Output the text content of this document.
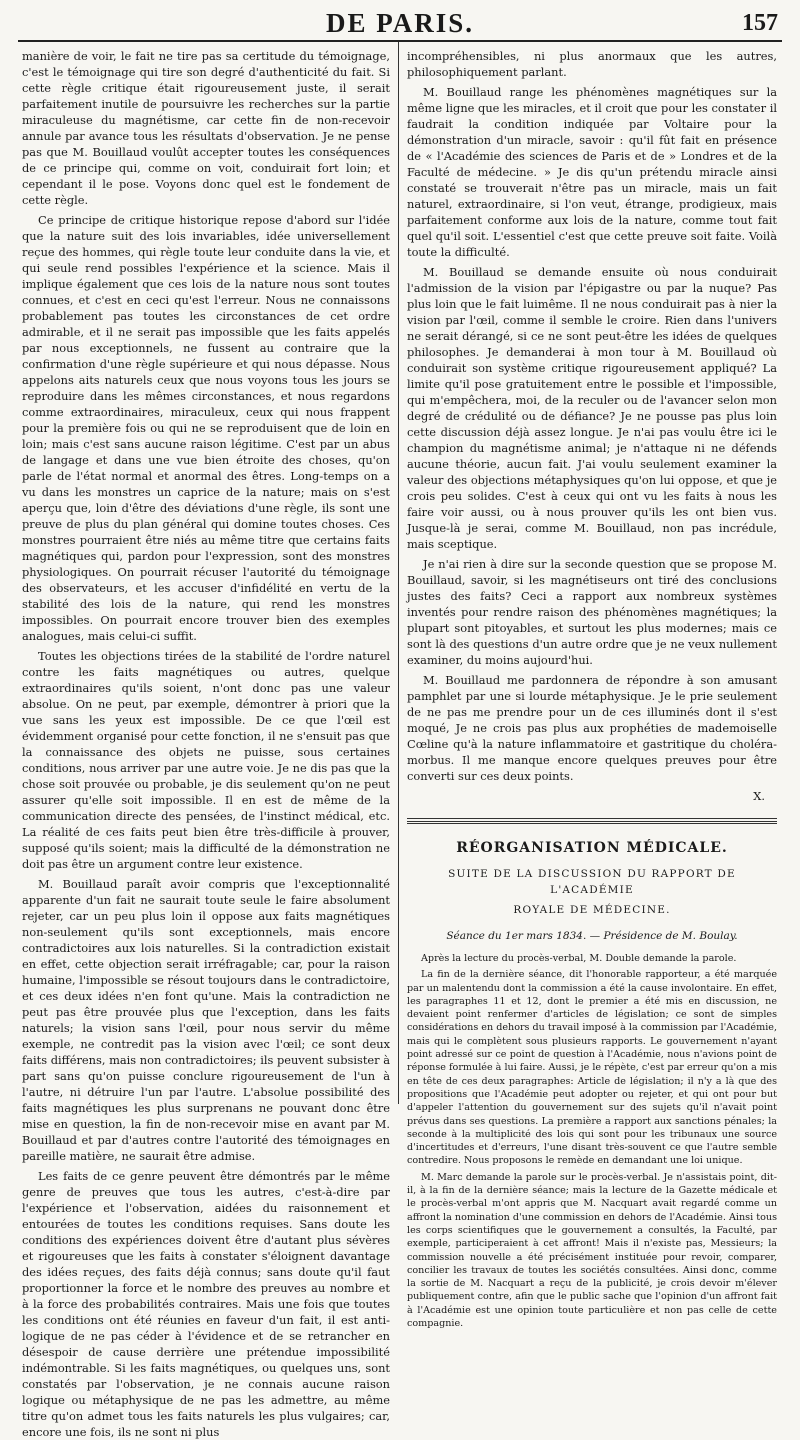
DE PARIS.	157

manière de voir, le fait ne tire pas sa certitude du témoignage, c'est le témoignage qui tire son degré d'authenticité du fait. Si cette règle critique était rigoureusement juste, il serait parfaitement inutile de poursuivre les recherches sur la partie miraculeuse du magnétisme, car cette fin de non-recevoir annule par avance tous les résultats d'observation. Je ne pense pas que M. Bouillaud voulût accepter toutes les conséquences de ce principe qui, comme on voit, conduirait fort loin; et cependant il le pose. Voyons donc quel est le fondement de cette règle.

Ce principe de critique historique repose d'abord sur l'idée que la nature suit des lois invariables, idée universellement reçue des hommes, qui règle toute leur conduite dans la vie, et qui seule rend possibles l'expérience et la science. Mais il implique également que ces lois de la nature nous sont toutes connues, et c'est en ceci qu'est l'erreur. Nous ne connaissons probablement pas toutes les circonstances de cet ordre admirable, et il ne serait pas impossible que les faits appelés par nous exceptionnels, ne fussent au contraire que la confirmation d'une règle supérieure et qui nous dépasse. Nous appelons aits naturels ceux que nous voyons tous les jours se reproduire dans les mêmes circonstances, et nous regardons comme extraordinaires, miraculeux, ceux qui nous frappent pour la première fois ou qui ne se reproduisent que de loin en loin; mais c'est sans aucune raison légitime. C'est par un abus de langage et dans une vue bien étroite des choses, qu'on parle de l'état normal et anormal des êtres. Long-temps on a vu dans les monstres un caprice de la nature; mais on s'est aperçu que, loin d'être des déviations d'une règle, ils sont une preuve de plus du plan général qui domine toutes choses. Ces monstres pourraient être niés au même titre que certains faits magnétiques qui, pardon pour l'expression, sont des monstres physiologiques. On pourrait récuser l'autorité du témoignage des observateurs, et les accuser d'infidélité en vertu de la stabilité des lois de la nature, qui rend les monstres impossibles. On pourrait encore trouver bien des exemples analogues, mais celui-ci suffit.

Toutes les objections tirées de la stabilité de l'ordre naturel contre les faits magnétiques ou autres, quelque extraordinaires qu'ils soient, n'ont donc pas une valeur absolue. On ne peut, par exemple, démontrer à priori que la vue sans les yeux est impossible. De ce que l'œil est évidemment organisé pour cette fonction, il ne s'ensuit pas que la connaissance des objets ne puisse, sous certaines conditions, nous arriver par une autre voie. Je ne dis pas que la chose soit prouvée ou probable, je dis seulement qu'on ne peut assurer qu'elle soit impossible. Il en est de même de la communication directe des pensées, de l'instinct médical, etc. La réalité de ces faits peut bien être très-difficile à prouver, supposé qu'ils soient; mais la difficulté de la démonstration ne doit pas être un argument contre leur existence.

M. Bouillaud paraît avoir compris que l'exceptionnalité apparente d'un fait ne saurait toute seule le faire absolument rejeter, car un peu plus loin il oppose aux faits magnétiques non-seulement qu'ils sont exceptionnels, mais encore contradictoires aux lois naturelles. Si la contradiction existait en effet, cette objection serait irréfragable; car, pour la raison humaine, l'impossible se résout toujours dans le contradictoire, et ces deux idées n'en font qu'une. Mais la contradiction ne peut pas être prouvée plus que l'exception, dans les faits naturels; la vision sans l'œil, pour nous servir du même exemple, ne contredit pas la vision avec l'œil; ce sont deux faits différens, mais non contradictoires; ils peuvent subsister à part sans qu'on puisse conclure rigoureusement de l'un à l'autre, ni détruire l'un par l'autre. L'absolue possibilité des faits magnétiques les plus surprenans ne pouvant donc être mise en question, la fin de non-recevoir mise en avant par M. Bouillaud et par d'autres contre l'autorité des témoignages en pareille matière, ne saurait être admise.

Les faits de ce genre peuvent être démontrés par le même genre de preuves que tous les autres, c'est-à-dire par l'expérience et l'observation, aidées du raisonnement et entourées de toutes les conditions requises. Sans doute les conditions des expériences doivent être d'autant plus sévères et rigoureuses que les faits à constater s'éloignent davantage des idées reçues, des faits déjà connus; sans doute qu'il faut proportionner la force et le nombre des preuves au nombre et à la force des probabilités contraires. Mais une fois que toutes les conditions ont été réunies en faveur d'un fait, il est anti-logique de ne pas céder à l'évidence et de se retrancher en désespoir de cause derrière une prétendue impossibilité indémontrable. Si les faits magnétiques, ou quelques uns, sont constatés par l'observation, je ne connais aucune raison logique ou métaphysique de ne pas les admettre, au même titre qu'on admet tous les faits naturels les plus vulgaires; car, encore une fois, ils ne sont ni plus

incompréhensibles, ni plus anormaux que les autres, philosophiquement parlant.

M. Bouillaud range les phénomènes magnétiques sur la même ligne que les miracles, et il croit que pour les constater il faudrait la condition indiquée par Voltaire pour la démonstration d'un miracle, savoir : qu'il fût fait en présence de « l'Académie des sciences de Paris et de » Londres et de la Faculté de médecine. » Je dis qu'un prétendu miracle ainsi constaté se trouverait n'être pas un miracle, mais un fait naturel, extraordinaire, si l'on veut, étrange, prodigieux, mais parfaitement conforme aux lois de la nature, comme tout fait quel qu'il soit. L'essentiel c'est que cette preuve soit faite. Voilà toute la difficulté.

M. Bouillaud se demande ensuite où nous conduirait l'admission de la vision par l'épigastre ou par la nuque? Pas plus loin que le fait luimême. Il ne nous conduirait pas à nier la vision par l'œil, comme il semble le croire. Rien dans l'univers ne serait dérangé, si ce ne sont peut-être les idées de quelques philosophes. Je demanderai à mon tour à M. Bouillaud où conduirait son système critique rigoureusement appliqué? La limite qu'il pose gratuitement entre le possible et l'impossible, qui m'empêchera, moi, de la reculer ou de l'avancer selon mon degré de crédulité ou de défiance? Je ne pousse pas plus loin cette discussion déjà assez longue. Je n'ai pas voulu être ici le champion du magnétisme animal; je n'attaque ni ne défends aucune théorie, aucun fait. J'ai voulu seulement examiner la valeur des objections métaphysiques qu'on lui oppose, et que je crois peu solides. C'est à ceux qui ont vu les faits à nous les faire voir aussi, ou à nous prouver qu'ils les ont bien vus. Jusque-là je serai, comme M. Bouillaud, non pas incrédule, mais sceptique.

Je n'ai rien à dire sur la seconde question que se propose M. Bouillaud, savoir, si les magnétiseurs ont tiré des conclusions justes des faits? Ceci a rapport aux nombreux systèmes inventés pour rendre raison des phénomènes magnétiques; la plupart sont pitoyables, et surtout les plus modernes; mais ce sont là des questions d'un autre ordre que je ne veux nullement examiner, du moins aujourd'hui.

M. Bouillaud me pardonnera de répondre à son amusant pamphlet par une si lourde métaphysique. Je le prie seulement de ne pas me prendre pour un de ces illuminés dont il s'est moqué, Je ne crois pas plus aux prophéties de mademoiselle Cœline qu'à la nature inflammatoire et gastritique du choléra-morbus. Il me manque encore quelques preuves pour être converti sur ces deux points.

X.
RÉORGANISATION MÉDICALE.
SUITE DE LA DISCUSSION DU RAPPORT DE L'ACADÉMIE
ROYALE DE MÉDECINE.
Séance du 1er mars 1834. — Présidence de M. Boulay.

Après la lecture du procès-verbal, M. Double demande la parole.

La fin de la dernière séance, dit l'honorable rapporteur, a été marquée par un malentendu dont la commission a été la cause involontaire. En effet, les paragraphes 11 et 12, dont le premier a été mis en discussion, ne devaient point renfermer d'articles de législation; ce sont de simples considérations en dehors du travail imposé à la commission par l'Académie, mais qui le complètent sous plusieurs rapports. Le gouvernement n'ayant point adressé sur ce point de question à l'Académie, nous n'avions point de réponse formulée à lui faire. Aussi, je le répète, c'est par erreur qu'on a mis en tête de ces deux paragraphes: Article de législation; il n'y a là que des propositions que l'Académie peut adopter ou rejeter, et qui ont pour but d'appeler l'attention du gouvernement sur des sujets qu'il n'avait point prévus dans ses questions. La première a rapport aux sanctions pénales; la seconde à la multiplicité des lois qui sont pour les tribunaux une source d'incertitudes et d'erreurs, l'une disant très-souvent ce que l'autre semble contredire. Nous proposons le remède en demandant une loi unique.

M. Marc demande la parole sur le procès-verbal. Je n'assistais point, dit-il, à la fin de la dernière séance; mais la lecture de la Gazette médicale et le procès-verbal m'ont appris que M. Nacquart avait regardé comme un affront la nomination d'une commission en dehors de l'Académie. Ainsi tous les corps scientifiques que le gouvernement a consultés, la Faculté, par exemple, participeraient à cet affront! Mais il n'existe pas, Messieurs; la commission nouvelle a été précisément instituée pour revoir, comparer, concilier les travaux de toutes les sociétés consultées. Ainsi donc, comme la sortie de M. Nacquart a reçu de la publicité, je crois devoir m'élever publiquement contre, afin que le public sache que l'opinion d'un affront fait à l'Académie est une opinion toute particulière et non pas celle de cette compagnie.
